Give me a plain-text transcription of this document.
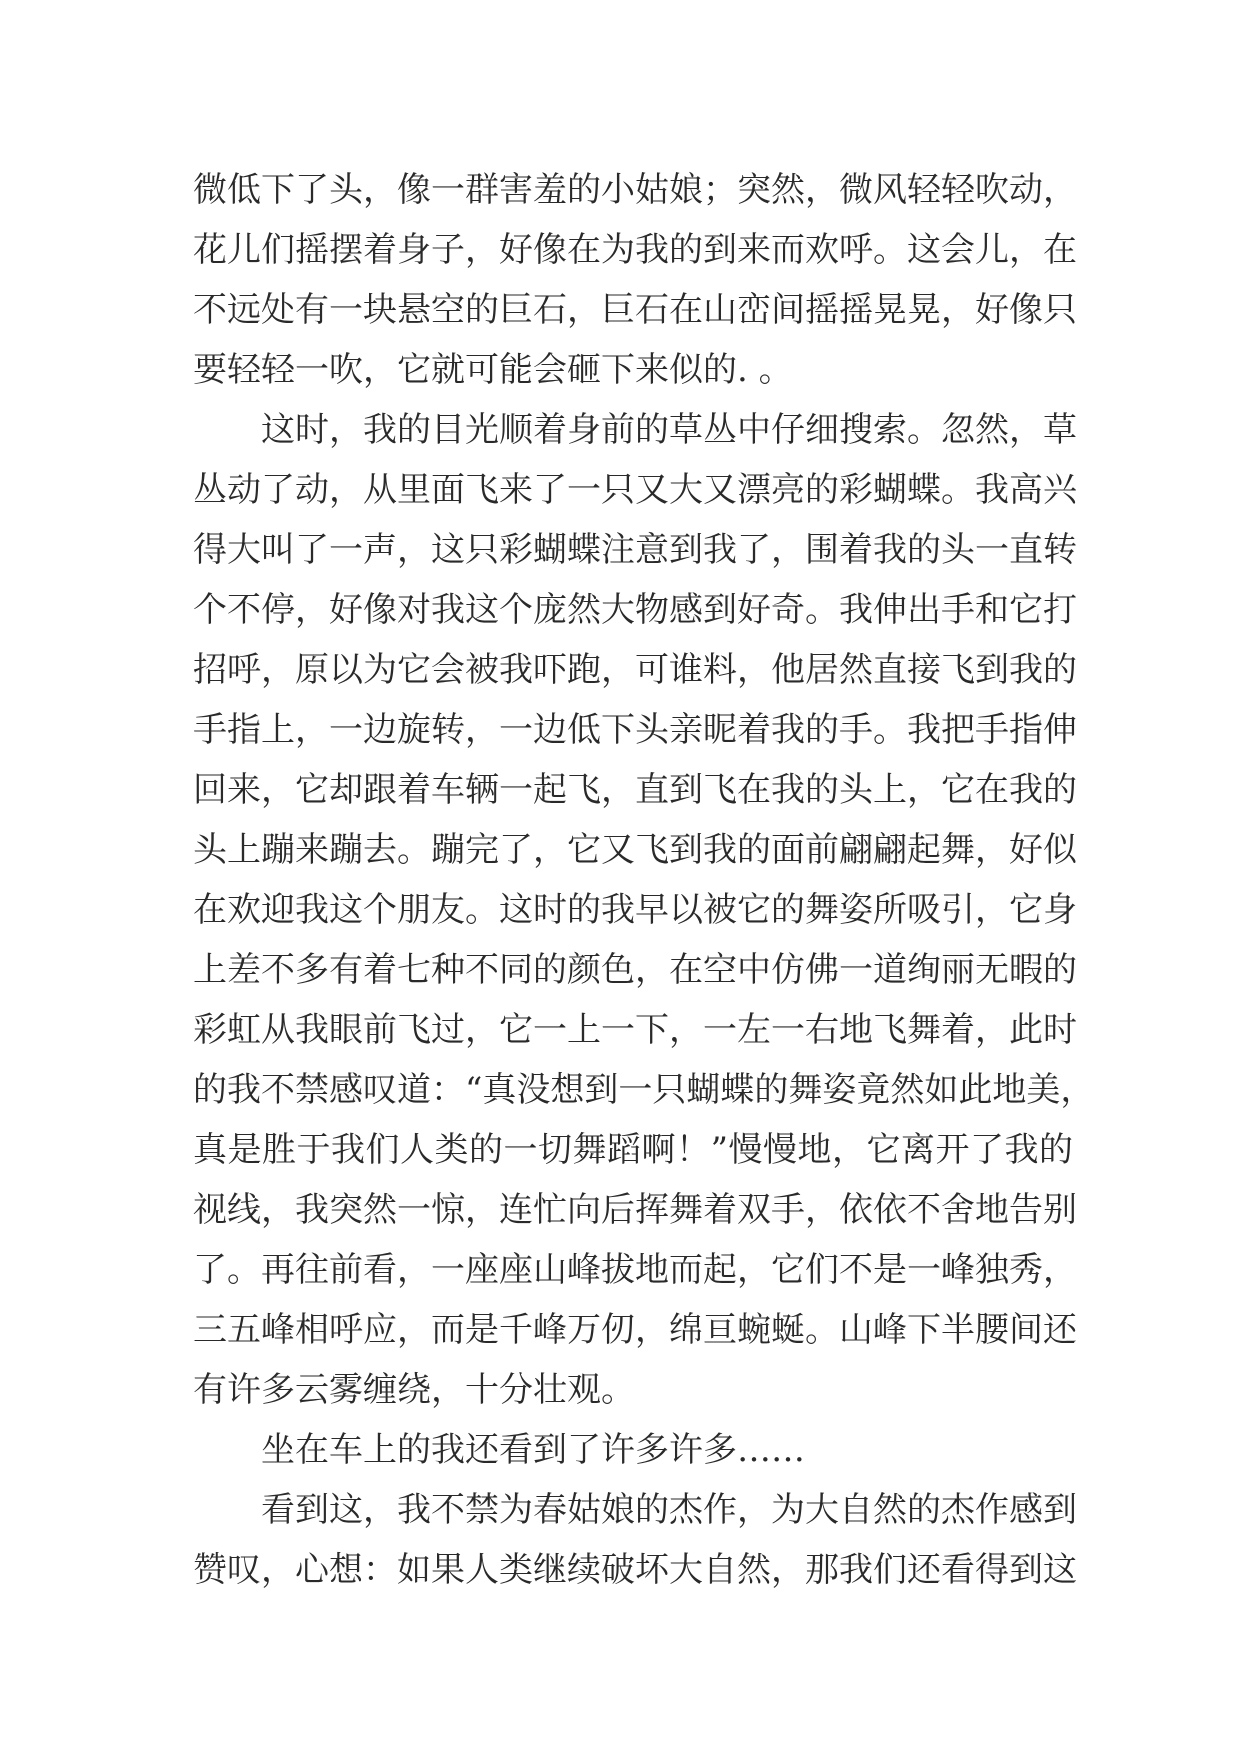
微低下了头，像一群害羞的小姑娘；突然，微风轻轻吹动，
花儿们摇摆着身子，好像在为我的到来而欢呼。这会儿，在
不远处有一块悬空的巨石，巨石在山峦间摇摇晃晃，好像只
要轻轻一吹，它就可能会砸下来似的. 。
这时，我的目光顺着身前的草丛中仔细搜索。忽然，草
丛动了动，从里面飞来了一只又大又漂亮的彩蝴蝶。我高兴
得大叫了一声，这只彩蝴蝶注意到我了，围着我的头一直转
个不停，好像对我这个庞然大物感到好奇。我伸出手和它打
招呼，原以为它会被我吓跑，可谁料，他居然直接飞到我的
手指上，一边旋转，一边低下头亲昵着我的手。我把手指伸
回来，它却跟着车辆一起飞，直到飞在我的头上，它在我的
头上蹦来蹦去。蹦完了，它又飞到我的面前翩翩起舞，好似
在欢迎我这个朋友。这时的我早以被它的舞姿所吸引，它身
上差不多有着七种不同的颜色，在空中仿佛一道绚丽无暇的
彩虹从我眼前飞过，它一上一下，一左一右地飞舞着，此时
的我不禁感叹道：“真没想到一只蝴蝶的舞姿竟然如此地美，
真是胜于我们人类的一切舞蹈啊！”慢慢地，它离开了我的
视线，我突然一惊，连忙向后挥舞着双手，依依不舍地告别
了。再往前看，一座座山峰拔地而起，它们不是一峰独秀，
三五峰相呼应，而是千峰万仞，绵亘蜿蜒。山峰下半腰间还
有许多云雾缠绕，十分壮观。
坐在车上的我还看到了许多许多……
看到这，我不禁为春姑娘的杰作，为大自然的杰作感到
赞叹，心想：如果人类继续破坏大自然，那我们还看得到这
